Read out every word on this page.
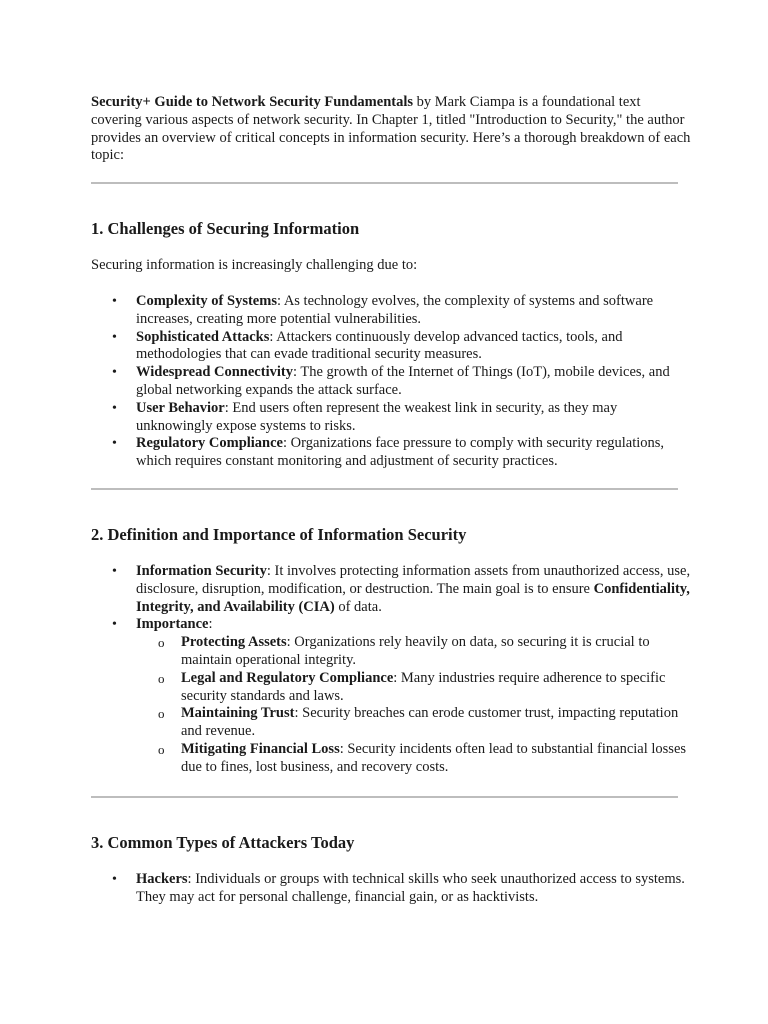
Security+ Guide to Network Security Fundamentals by Mark Ciampa is a foundational text covering various aspects of network security. In Chapter 1, titled "Introduction to Security," the author provides an overview of critical concepts in information security. Here’s a thorough breakdown of each topic:

1. Challenges of Securing Information

Securing information is increasingly challenging due to:

• Complexity of Systems: As technology evolves, the complexity of systems and software increases, creating more potential vulnerabilities.
• Sophisticated Attacks: Attackers continuously develop advanced tactics, tools, and methodologies that can evade traditional security measures.
• Widespread Connectivity: The growth of the Internet of Things (IoT), mobile devices, and global networking expands the attack surface.
• User Behavior: End users often represent the weakest link in security, as they may unknowingly expose systems to risks.
• Regulatory Compliance: Organizations face pressure to comply with security regulations, which requires constant monitoring and adjustment of security practices.
2. Definition and Importance of Information Security
• Information Security: It involves protecting information assets from unauthorized access, use, disclosure, disruption, modification, or destruction. The main goal is to ensure Confidentiality, Integrity, and Availability (CIA) of data.
• Importance:
o Protecting Assets: Organizations rely heavily on data, so securing it is crucial to maintain operational integrity.
o Legal and Regulatory Compliance: Many industries require adherence to specific security standards and laws.
o Maintaining Trust: Security breaches can erode customer trust, impacting reputation and revenue.
o Mitigating Financial Loss: Security incidents often lead to substantial financial losses due to fines, lost business, and recovery costs.
3. Common Types of Attackers Today
• Hackers: Individuals or groups with technical skills who seek unauthorized access to systems. They may act for personal challenge, financial gain, or as hacktivists.
